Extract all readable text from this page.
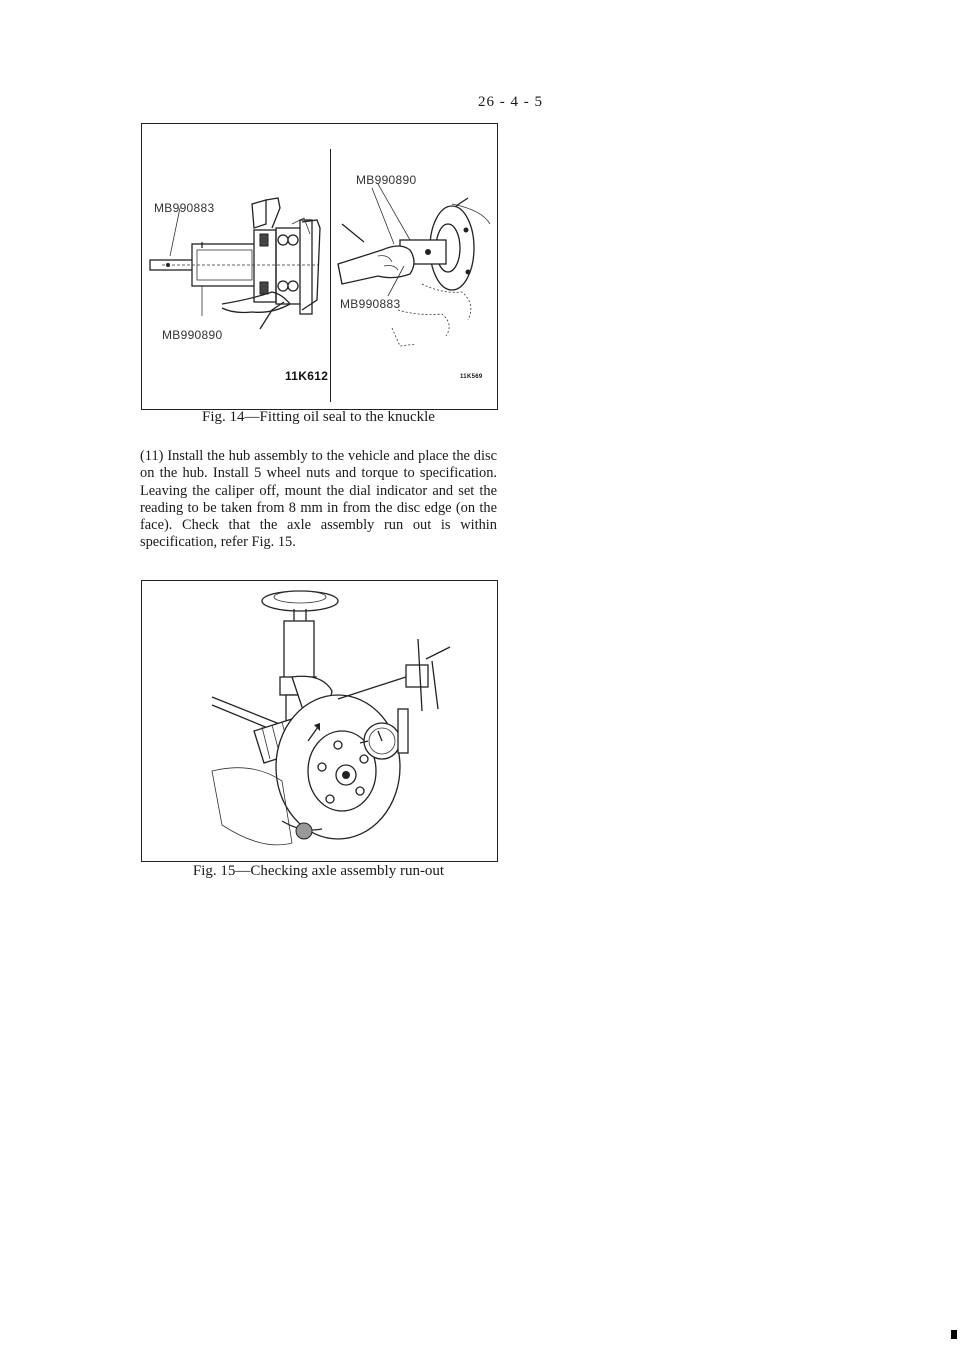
26 - 4 - 5
MB990883
MB990890
11K612
MB990890
MB990883
11K569
Fig. 14—Fitting oil seal to the knuckle
(11) Install the hub assembly to the vehicle and place the disc on the hub. Install 5 wheel nuts and torque to specification. Leaving the caliper off, mount the dial indicator and set the reading to be taken from 8 mm in from the disc edge (on the face). Check that the axle assembly run out is within specification, refer Fig. 15.
Fig. 15—Checking axle assembly run-out
